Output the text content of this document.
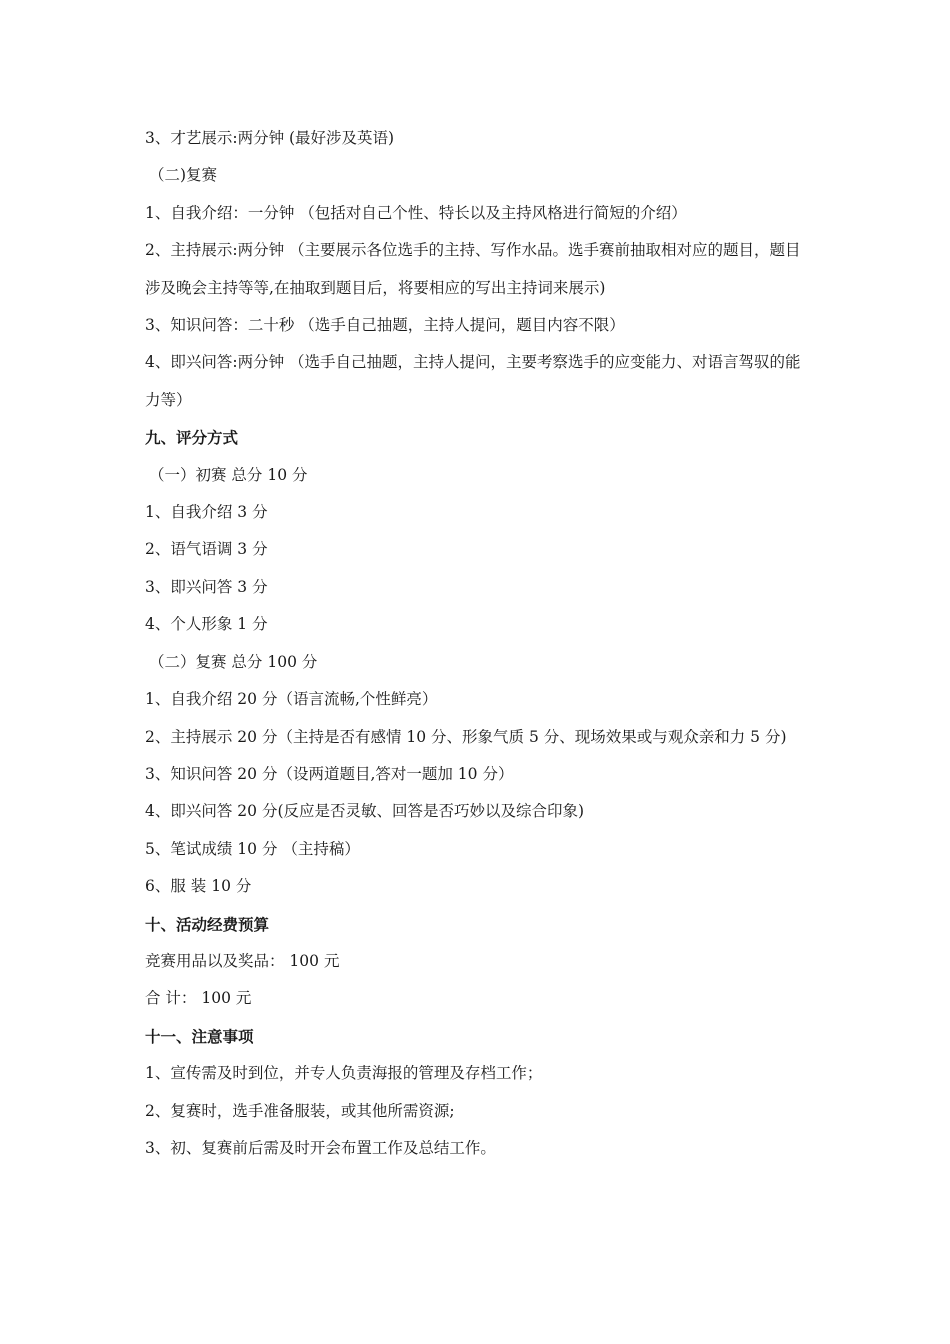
3、才艺展示:两分钟 (最好涉及英语)

（二)复赛

1、自我介绍：一分钟 （包括对自己个性、特长以及主持风格进行简短的介绍）

2、主持展示:两分钟 （主要展示各位选手的主持、写作水品。选手赛前抽取相对应的题目，题目涉及晚会主持等等,在抽取到题目后，将要相应的写出主持词来展示)

3、知识问答：二十秒 （选手自己抽题，主持人提问，题目内容不限）

4、即兴问答:两分钟 （选手自己抽题，主持人提问，主要考察选手的应变能力、对语言驾驭的能力等）

九、评分方式

（一）初赛 总分 10 分

1、自我介绍 3 分

2、语气语调 3 分

3、即兴问答 3 分

4、个人形象 1 分

（二）复赛 总分 100 分

1、自我介绍 20 分（语言流畅,个性鲜亮）

2、主持展示 20 分（主持是否有感情 10 分、形象气质 5 分、现场效果或与观众亲和力 5 分)

3、知识问答 20 分（设两道题目,答对一题加 10 分）

4、即兴问答 20 分(反应是否灵敏、回答是否巧妙以及综合印象)

5、笔试成绩 10 分 （主持稿）

6、服 装 10 分

十、活动经费预算

竞赛用品以及奖品： 100 元

合 计： 100 元

十一、注意事项

1、宣传需及时到位，并专人负责海报的管理及存档工作；

2、复赛时，选手准备服装，或其他所需资源;

3、初、复赛前后需及时开会布置工作及总结工作。
